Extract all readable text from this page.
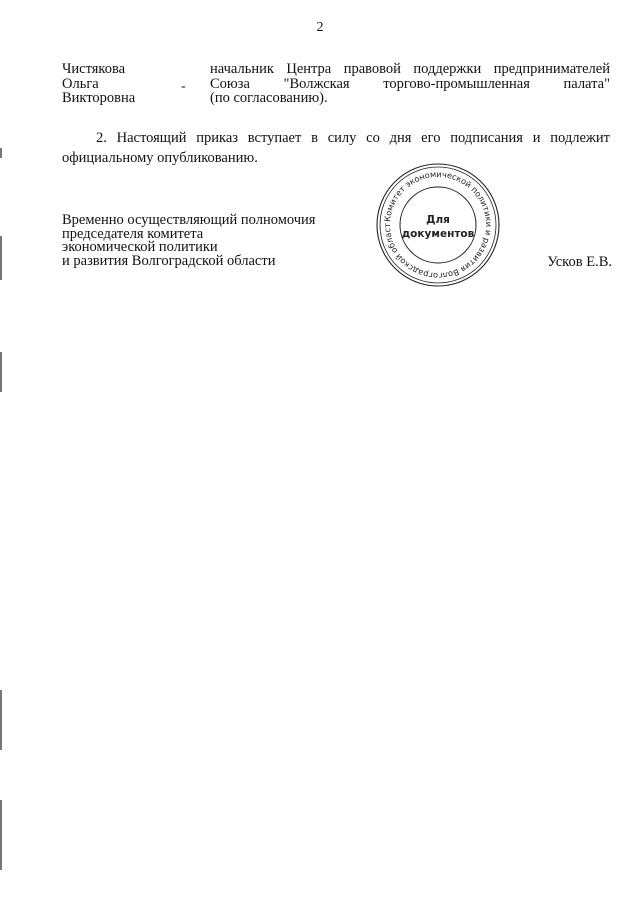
2
Чистякова
Ольга
Викторовна
-
начальник Центра правовой поддержки предпринимателей
Союза "Волжская торгово-промышленная палата"
(по согласованию).
2. Настоящий приказ вступает в силу со дня его подписания и подлежит официальному опубликованию.
Временно осуществляющий полномочия
председателя комитета
экономической политики
и развития Волгоградской области	Усков Е.В.
Комитет экономической политики и развития Волгоградской област	Для
документов
